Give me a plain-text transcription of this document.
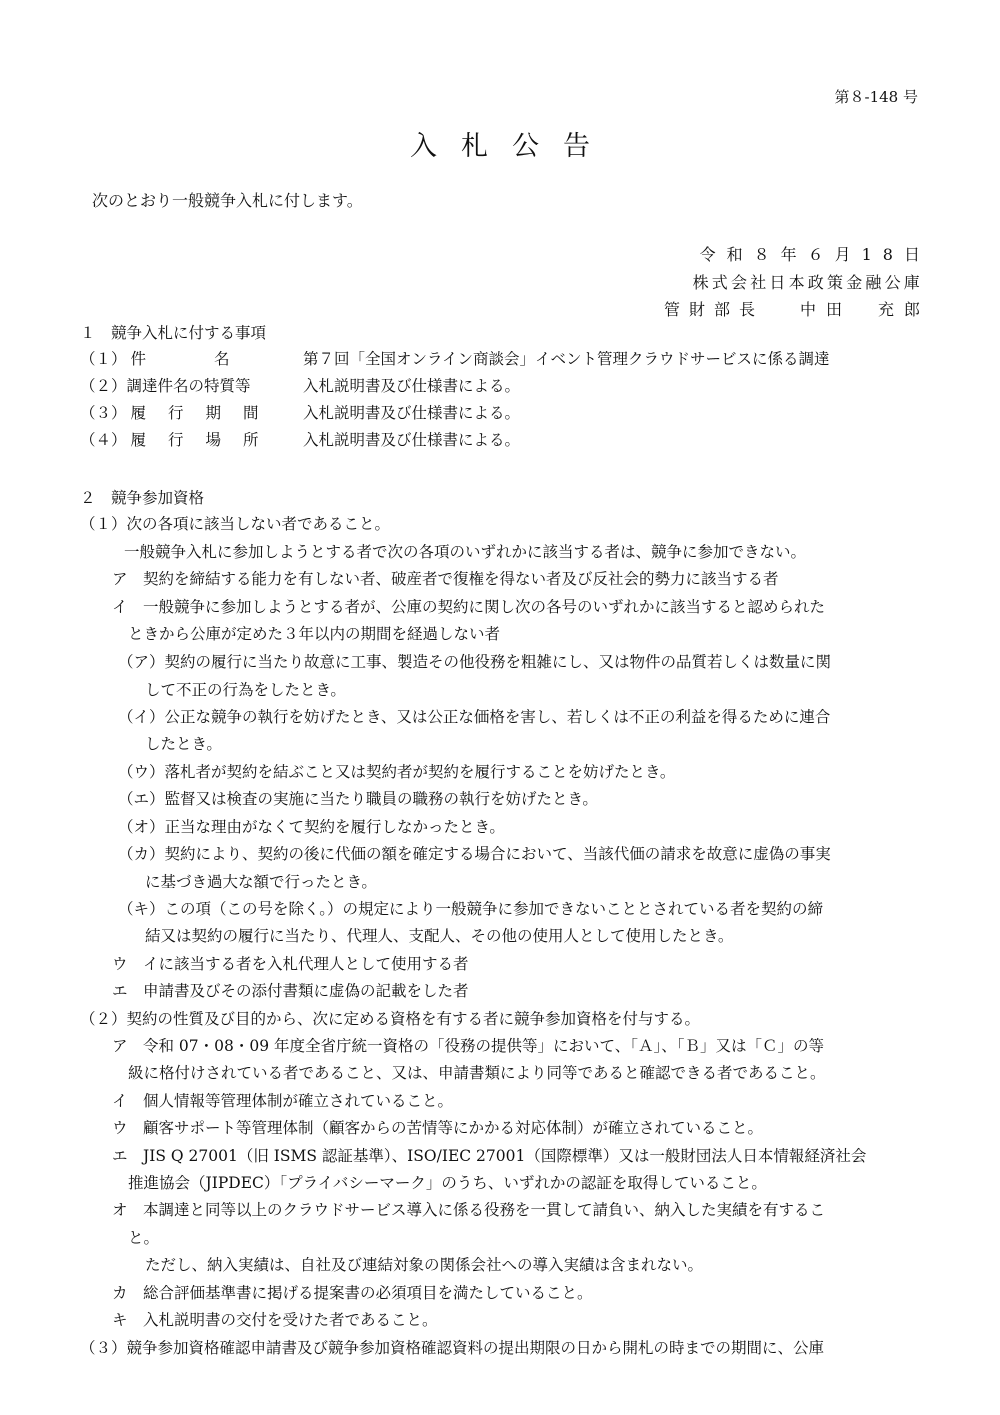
第８-148 号
入札公告
次のとおり一般競争入札に付します。
令和８年６月18日
株式会社日本政策金融公庫
管財部長 中田　充郎
１　競争入札に付する事項
（１） 件名 第７回「全国オンライン商談会」イベント管理クラウドサービスに係る調達
（２）調達件名の特質等	入札説明書及び仕様書による。
（３） 履行期間 入札説明書及び仕様書による。
（４） 履行場所 入札説明書及び仕様書による。
２　競争参加資格
（１）次の各項に該当しない者であること。
一般競争入札に参加しようとする者で次の各項のいずれかに該当する者は、競争に参加できない。
ア　契約を締結する能力を有しない者、破産者で復権を得ない者及び反社会的勢力に該当する者
イ　一般競争に参加しようとする者が、公庫の契約に関し次の各号のいずれかに該当すると認められた
ときから公庫が定めた３年以内の期間を経過しない者
（ア）契約の履行に当たり故意に工事、製造その他役務を粗雑にし、又は物件の品質若しくは数量に関
して不正の行為をしたとき。
（イ）公正な競争の執行を妨げたとき、又は公正な価格を害し、若しくは不正の利益を得るために連合
したとき。
（ウ）落札者が契約を結ぶこと又は契約者が契約を履行することを妨げたとき。
（エ）監督又は検査の実施に当たり職員の職務の執行を妨げたとき。
（オ）正当な理由がなくて契約を履行しなかったとき。
（カ）契約により、契約の後に代価の額を確定する場合において、当該代価の請求を故意に虚偽の事実
に基づき過大な額で行ったとき。
（キ）この項（この号を除く。）の規定により一般競争に参加できないこととされている者を契約の締
結又は契約の履行に当たり、代理人、支配人、その他の使用人として使用したとき。
ウ　イに該当する者を入札代理人として使用する者
エ　申請書及びその添付書類に虚偽の記載をした者
（２）契約の性質及び目的から、次に定める資格を有する者に競争参加資格を付与する。
ア　令和 07・08・09 年度全省庁統一資格の「役務の提供等」において、「Ａ」、「Ｂ」又は「Ｃ」の等
級に格付けされている者であること、又は、申請書類により同等であると確認できる者であること。
イ　個人情報等管理体制が確立されていること。
ウ　顧客サポート等管理体制（顧客からの苦情等にかかる対応体制）が確立されていること。
エ　JIS Q 27001（旧 ISMS 認証基準）、ISO/IEC 27001（国際標準）又は一般財団法人日本情報経済社会
推進協会（JIPDEC）「プライバシーマーク」のうち、いずれかの認証を取得していること。
オ　本調達と同等以上のクラウドサービス導入に係る役務を一貫して請負い、納入した実績を有するこ
と。
ただし、納入実績は、自社及び連結対象の関係会社への導入実績は含まれない。
カ　総合評価基準書に掲げる提案書の必須項目を満たしていること。
キ　入札説明書の交付を受けた者であること。
（３）競争参加資格確認申請書及び競争参加資格確認資料の提出期限の日から開札の時までの期間に、公庫
